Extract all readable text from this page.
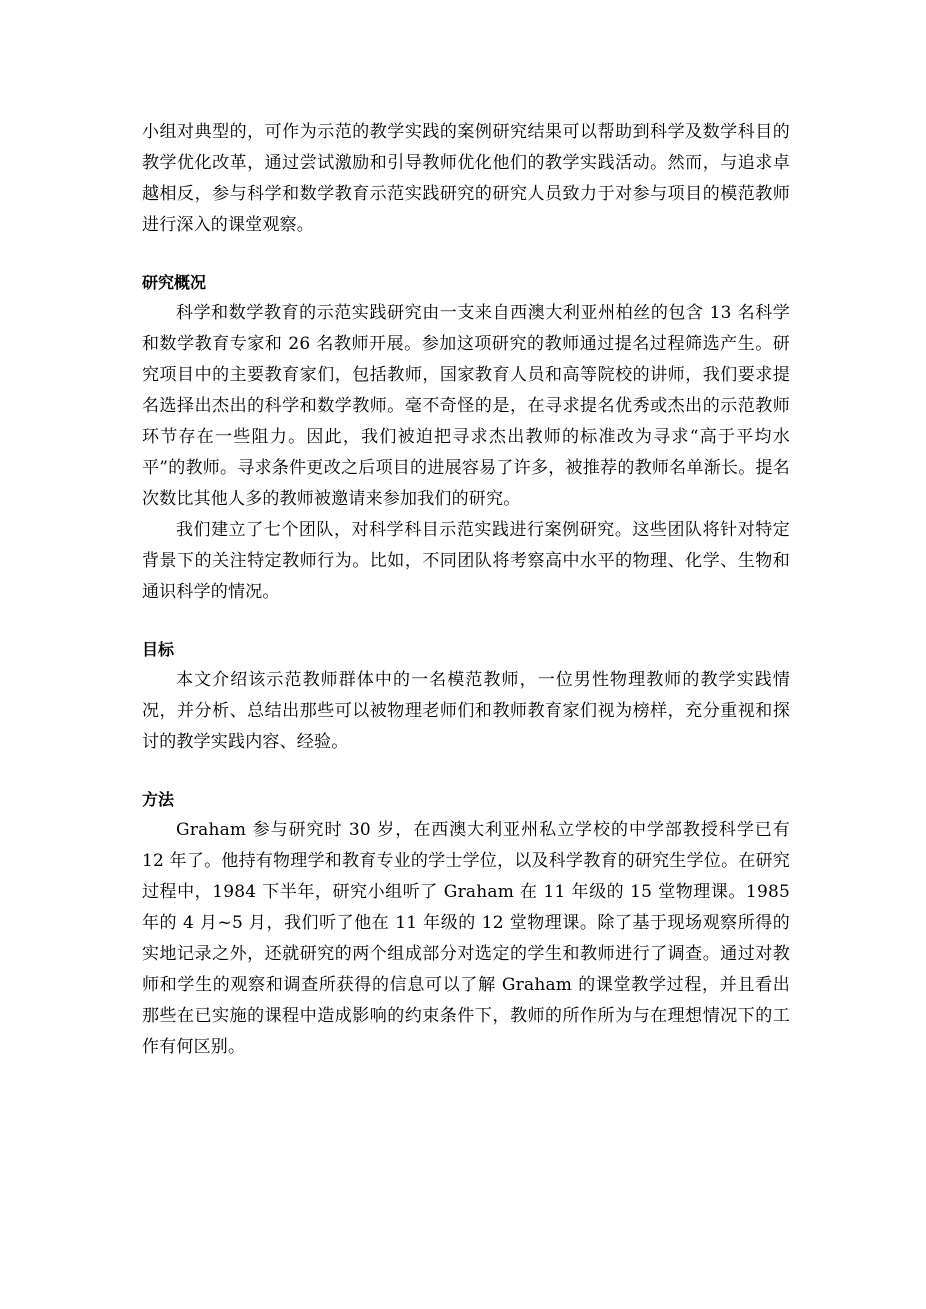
小组对典型的，可作为示范的教学实践的案例研究结果可以帮助到科学及数学科目的教学优化改革，通过尝试激励和引导教师优化他们的教学实践活动。然而，与追求卓越相反，参与科学和数学教育示范实践研究的研究人员致力于对参与项目的模范教师进行深入的课堂观察。

研究概况

科学和数学教育的示范实践研究由一支来自西澳大利亚州柏丝的包含 13 名科学和数学教育专家和 26 名教师开展。参加这项研究的教师通过提名过程筛选产生。研究项目中的主要教育家们，包括教师，国家教育人员和高等院校的讲师，我们要求提名选择出杰出的科学和数学教师。毫不奇怪的是，在寻求提名优秀或杰出的示范教师环节存在一些阻力。因此，我们被迫把寻求杰出教师的标准改为寻求“高于平均水平”的教师。寻求条件更改之后项目的进展容易了许多，被推荐的教师名单渐长。提名次数比其他人多的教师被邀请来参加我们的研究。

我们建立了七个团队，对科学科目示范实践进行案例研究。这些团队将针对特定背景下的关注特定教师行为。比如，不同团队将考察高中水平的物理、化学、生物和通识科学的情况。

目标

本文介绍该示范教师群体中的一名模范教师，一位男性物理教师的教学实践情况，并分析、总结出那些可以被物理老师们和教师教育家们视为榜样，充分重视和探讨的教学实践内容、经验。

方法

Graham 参与研究时 30 岁，在西澳大利亚州私立学校的中学部教授科学已有 12 年了。他持有物理学和教育专业的学士学位，以及科学教育的研究生学位。在研究过程中，1984 下半年，研究小组听了 Graham 在 11 年级的 15 堂物理课。1985 年的 4 月~5 月，我们听了他在 11 年级的 12 堂物理课。除了基于现场观察所得的实地记录之外，还就研究的两个组成部分对选定的学生和教师进行了调查。通过对教师和学生的观察和调查所获得的信息可以了解 Graham 的课堂教学过程，并且看出那些在已实施的课程中造成影响的约束条件下，教师的所作所为与在理想情况下的工作有何区别。
